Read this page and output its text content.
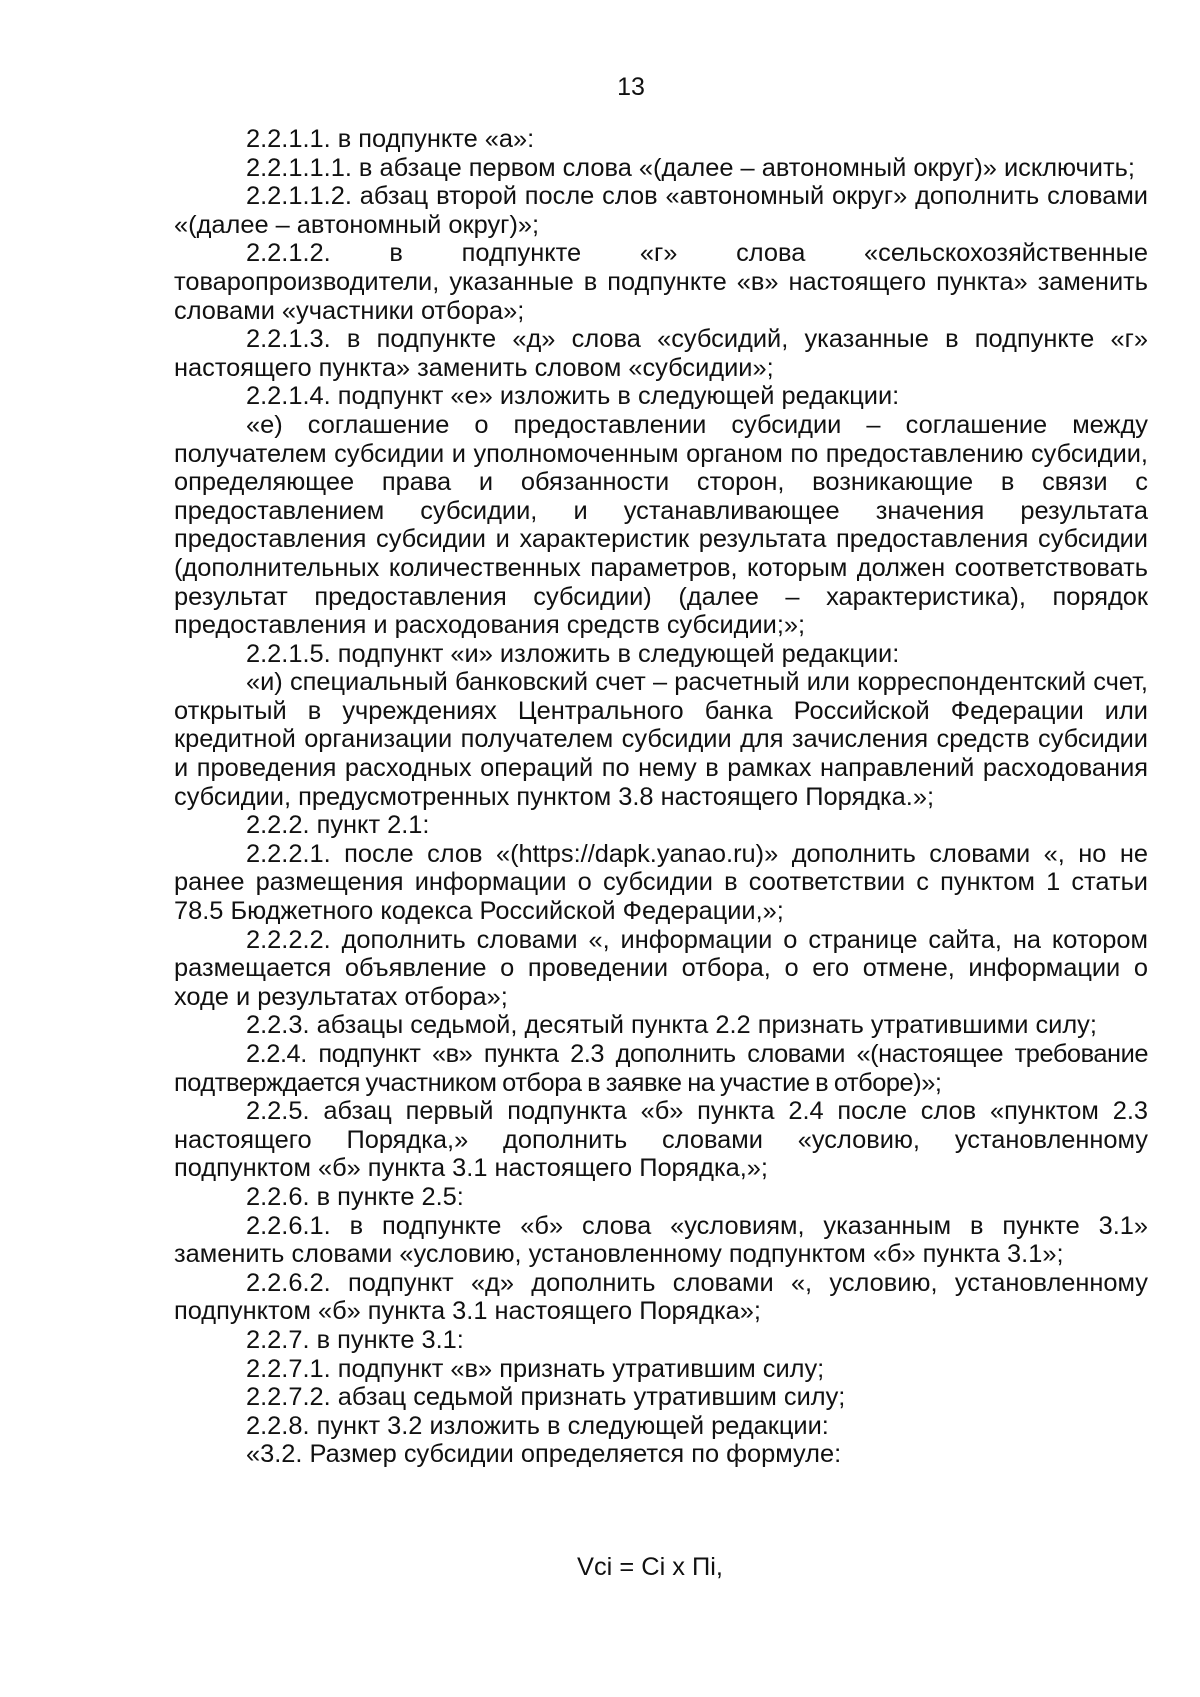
13

2.2.1.1. в подпункте «а»:

2.2.1.1.1. в абзаце первом слова «(далее – автономный округ)» исключить;

2.2.1.1.2. абзац второй после слов «автономный округ» дополнить словами «(далее – автономный округ)»;

2.2.1.2. в подпункте «г» слова «сельскохозяйственные товаропроизводители, указанные в подпункте «в» настоящего пункта» заменить словами «участники отбора»;

2.2.1.3. в подпункте «д» слова «субсидий, указанные в подпункте «г» настоящего пункта» заменить словом «субсидии»;

2.2.1.4. подпункт «е» изложить в следующей редакции:

«е) соглашение о предоставлении субсидии – соглашение между получателем субсидии и уполномоченным органом по предоставлению субсидии, определяющее права и обязанности сторон, возникающие в связи с предоставлением субсидии, и устанавливающее значения результата предоставления субсидии и характеристик результата предоставления субсидии (дополнительных количественных параметров, которым должен соответствовать результат предоставления субсидии) (далее – характеристика), порядок предоставления и расходования средств субсидии;»;

2.2.1.5. подпункт «и» изложить в следующей редакции:

«и) специальный банковский счет – расчетный или корреспондентский счет, открытый в учреждениях Центрального банка Российской Федерации или кредитной организации получателем субсидии для зачисления средств субсидии и проведения расходных операций по нему в рамках направлений расходования субсидии, предусмотренных пунктом 3.8 настоящего Порядка.»;

2.2.2. пункт 2.1:

2.2.2.1. после слов «(https://dapk.yanao.ru)» дополнить словами «, но не ранее размещения информации о субсидии в соответствии с пунктом 1 статьи 78.5 Бюджетного кодекса Российской Федерации,»;

2.2.2.2. дополнить словами «, информации о странице сайта, на котором размещается объявление о проведении отбора, о его отмене, информации о ходе и результатах отбора»;

2.2.3. абзацы седьмой, десятый пункта 2.2 признать утратившими силу;

2.2.4. подпункт «в» пункта 2.3 дополнить словами «(настоящее требование подтверждается участником отбора в заявке на участие в отборе)»;

2.2.5. абзац первый подпункта «б» пункта 2.4 после слов «пунктом 2.3 настоящего Порядка,» дополнить словами «условию, установленному подпунктом «б» пункта 3.1 настоящего Порядка,»;

2.2.6. в пункте 2.5:

2.2.6.1. в подпункте «б» слова «условиям, указанным в пункте 3.1» заменить словами «условию, установленному подпунктом «б» пункта 3.1»;

2.2.6.2. подпункт «д» дополнить словами «, условию, установленному подпунктом «б» пункта 3.1 настоящего Порядка»;

2.2.7. в пункте 3.1:

2.2.7.1. подпункт «в» признать утратившим силу;

2.2.7.2. абзац седьмой признать утратившим силу;

2.2.8. пункт 3.2 изложить в следующей редакции:

«3.2. Размер субсидии определяется по формуле:

Vci = Ci x Пi,
